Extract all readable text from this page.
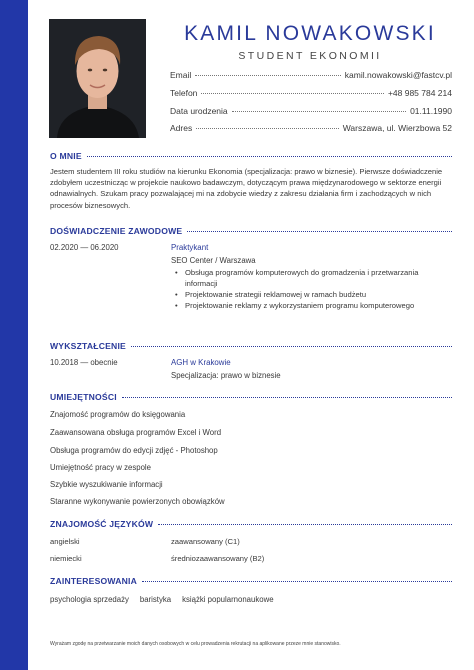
KAMIL NOWAKOWSKI
STUDENT EKONOMII
Email	kamil.nowakowski@fastcv.pl
Telefon	+48 985 784 214
Data urodzenia	01.11.1990
Adres	Warszawa, ul. Wierzbowa 52
O MNIE
Jestem studentem III roku studiów na kierunku Ekonomia (specjalizacja: prawo w biznesie). Pierwsze doświadczenie zdobyłem uczestnicząc w projekcie naukowo badawczym, dotyczącym prawa międzynarodowego w sektorze energii odnawialnych. Szukam pracy pozwalającej mi na zdobycie wiedzy z zakresu działania firm i zachodzących w nich procesów biznesowych.
DOŚWIADCZENIE ZAWODOWE
02.2020 — 06.2020	Praktykant
SEO Center / Warszawa
• Obsługa programów komputerowych do gromadzenia i przetwarzania informacji
• Projektowanie strategii reklamowej w ramach budżetu
• Projektowanie reklamy z wykorzystaniem programu komputerowego
WYKSZTAŁCENIE
10.2018 — obecnie	AGH w Krakowie
Specjalizacja: prawo w biznesie
UMIEJĘTNOŚCI
Znajomość programów do księgowania
Zaawansowana obsługa programów Excel i Word
Obsługa programów do edycji zdjęć - Photoshop
Umiejętność pracy w zespole
Szybkie wyszukiwanie informacji
Staranne wykonywanie powierzonych obowiązków
ZNAJOMOŚĆ JĘZYKÓW
angielski	zaawansowany (C1)
niemiecki	średniozaawansowany (B2)
ZAINTERESOWANIA
psychologia sprzedaży baristyka książki popularnonaukowe
Wyrażam zgodę na przetwarzanie moich danych osobowych w celu prowadzenia rekrutacji na aplikowane przeze mnie stanowisko.
